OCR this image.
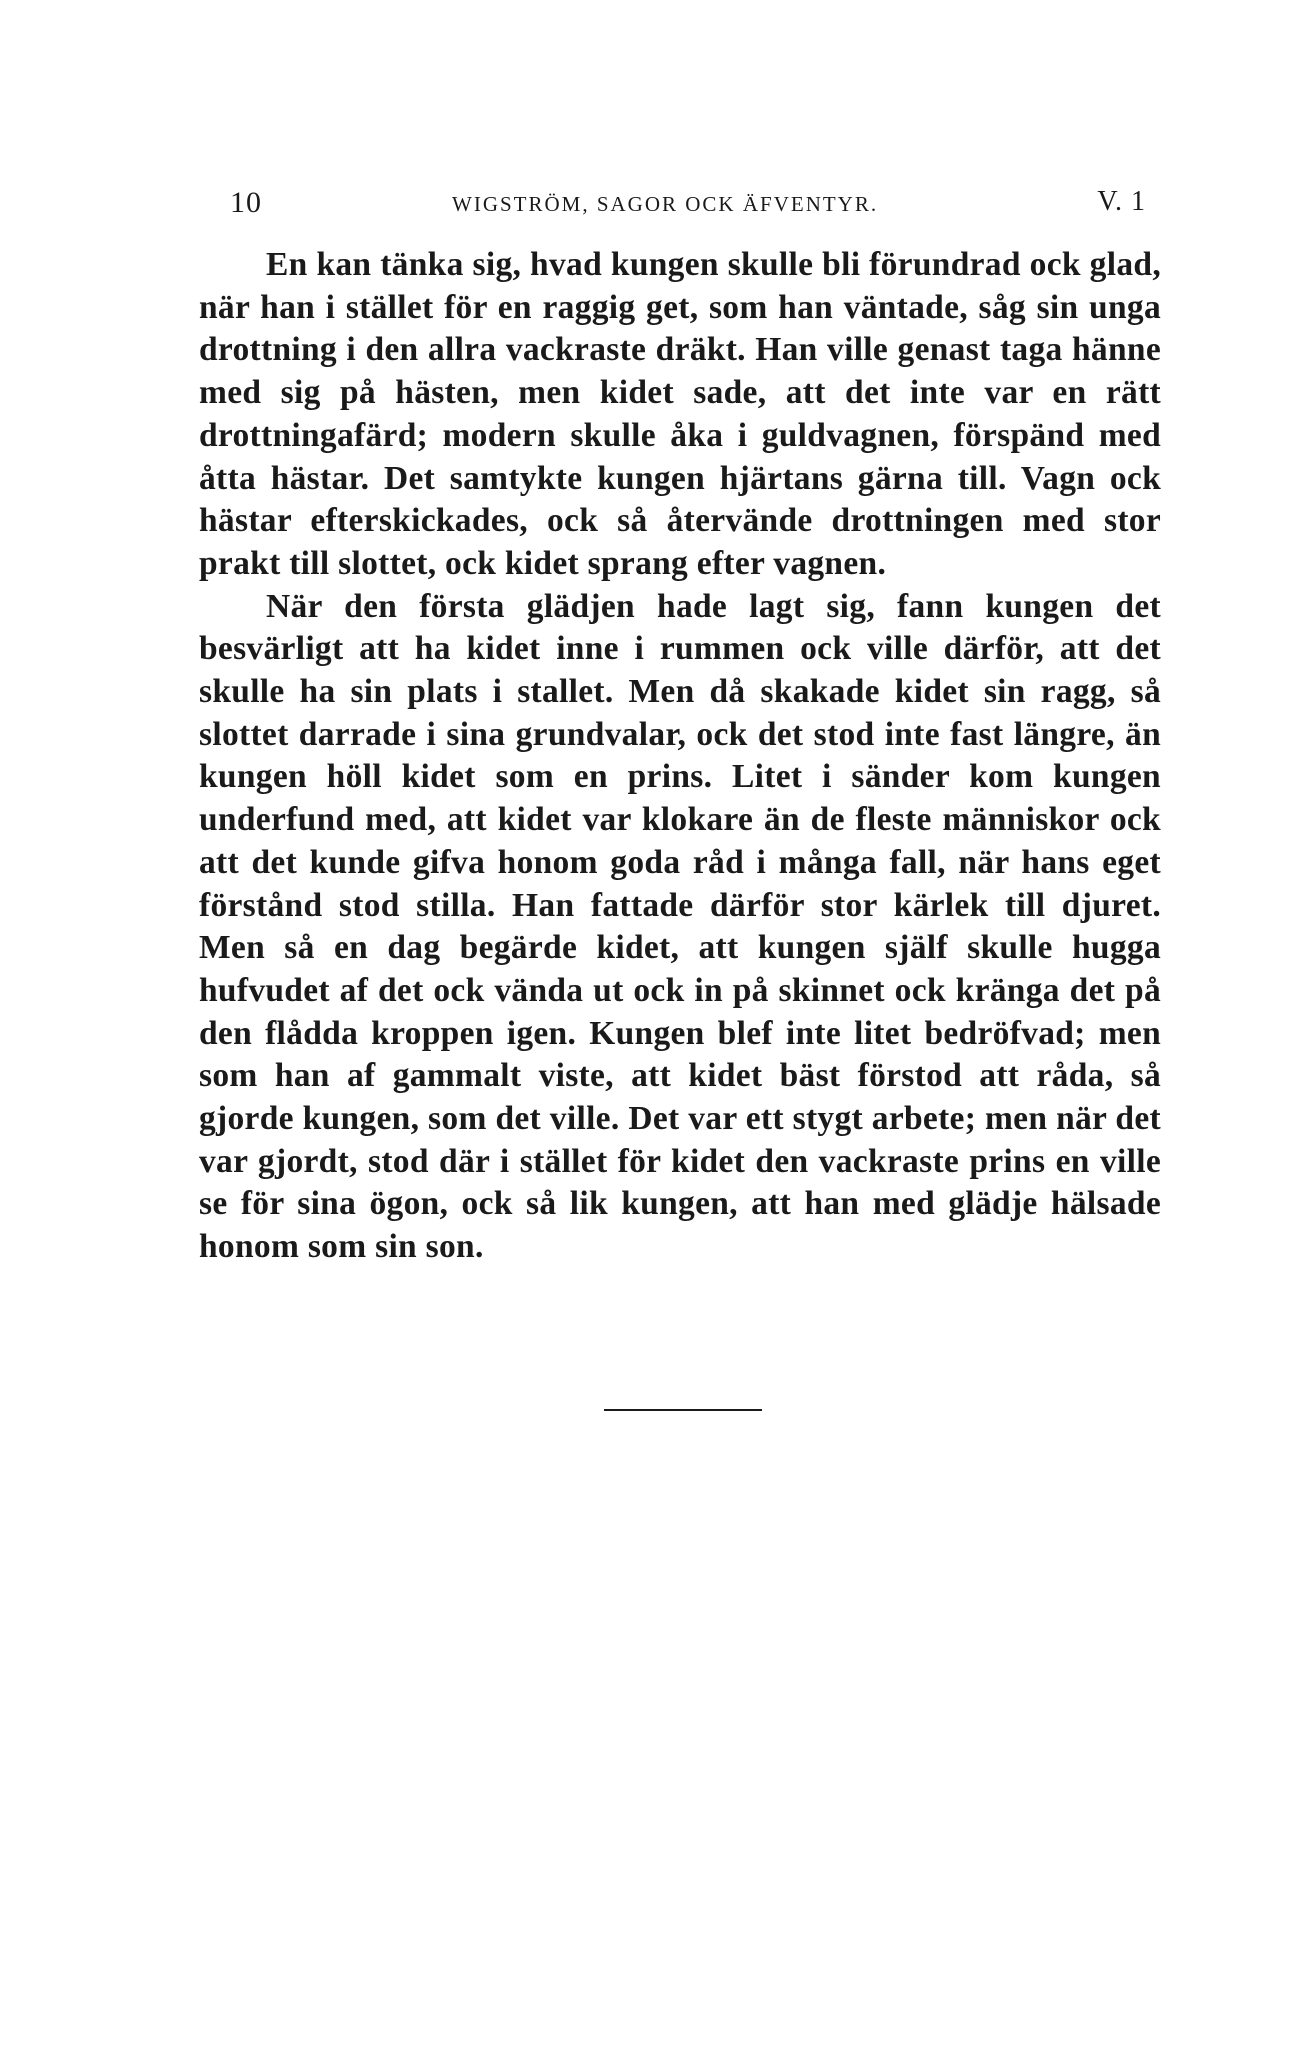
10	WIGSTRÖM, SAGOR OCK ÄFVENTYR.	V. 1

En kan tänka sig, hvad kungen skulle bli förundrad ock glad, när han i stället för en raggig get, som han väntade, såg sin unga drottning i den allra vackraste dräkt. Han ville genast taga hänne med sig på hästen, men kidet sade, att det inte var en rätt drottningafärd; modern skulle åka i guldvagnen, förspänd med åtta hästar. Det samtykte kungen hjärtans gärna till. Vagn ock hästar efterskickades, ock så återvände drottningen med stor prakt till slottet, ock kidet sprang efter vagnen.

När den första glädjen hade lagt sig, fann kungen det besvärligt att ha kidet inne i rummen ock ville därför, att det skulle ha sin plats i stallet. Men då skakade kidet sin ragg, så slottet darrade i sina grundvalar, ock det stod inte fast längre, än kungen höll kidet som en prins. Litet i sänder kom kungen underfund med, att kidet var klokare än de fleste människor ock att det kunde gifva honom goda råd i många fall, när hans eget förstånd stod stilla. Han fattade därför stor kärlek till djuret. Men så en dag begärde kidet, att kungen själf skulle hugga hufvudet af det ock vända ut ock in på skinnet ock kränga det på den flådda kroppen igen. Kungen blef inte litet bedröfvad; men som han af gammalt viste, att kidet bäst förstod att råda, så gjorde kungen, som det ville. Det var ett stygt arbete; men när det var gjordt, stod där i stället för kidet den vackraste prins en ville se för sina ögon, ock så lik kungen, att han med glädje hälsade honom som sin son.
